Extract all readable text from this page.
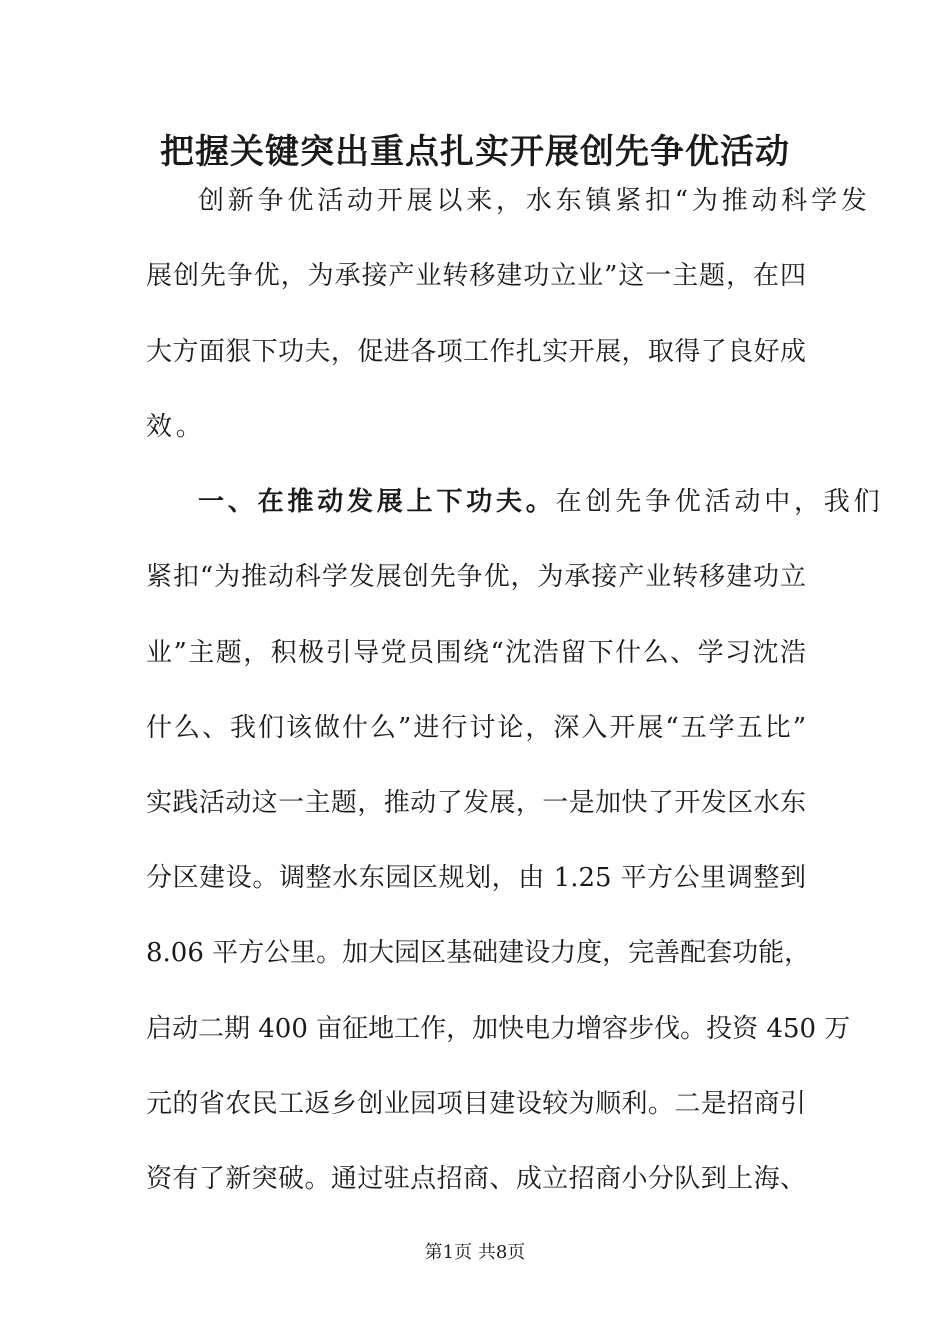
把握关键突出重点扎实开展创先争优活动

创新争优活动开展以来，水东镇紧扣“为推动科学发

展创先争优，为承接产业转移建功立业”这一主题，在四

大方面狠下功夫，促进各项工作扎实开展，取得了良好成

效。

一、在推动发展上下功夫。在创先争优活动中，我们

紧扣“为推动科学发展创先争优，为承接产业转移建功立

业”主题，积极引导党员围绕“沈浩留下什么、学习沈浩

什么、我们该做什么”进行讨论，深入开展“五学五比”

实践活动这一主题，推动了发展，一是加快了开发区水东

分区建设。调整水东园区规划，由 1.25 平方公里调整到

8.06 平方公里。加大园区基础建设力度，完善配套功能，

启动二期 400 亩征地工作，加快电力增容步伐。投资 450 万

元的省农民工返乡创业园项目建设较为顺利。二是招商引

资有了新突破。通过驻点招商、成立招商小分队到上海、

第1页 共8页
